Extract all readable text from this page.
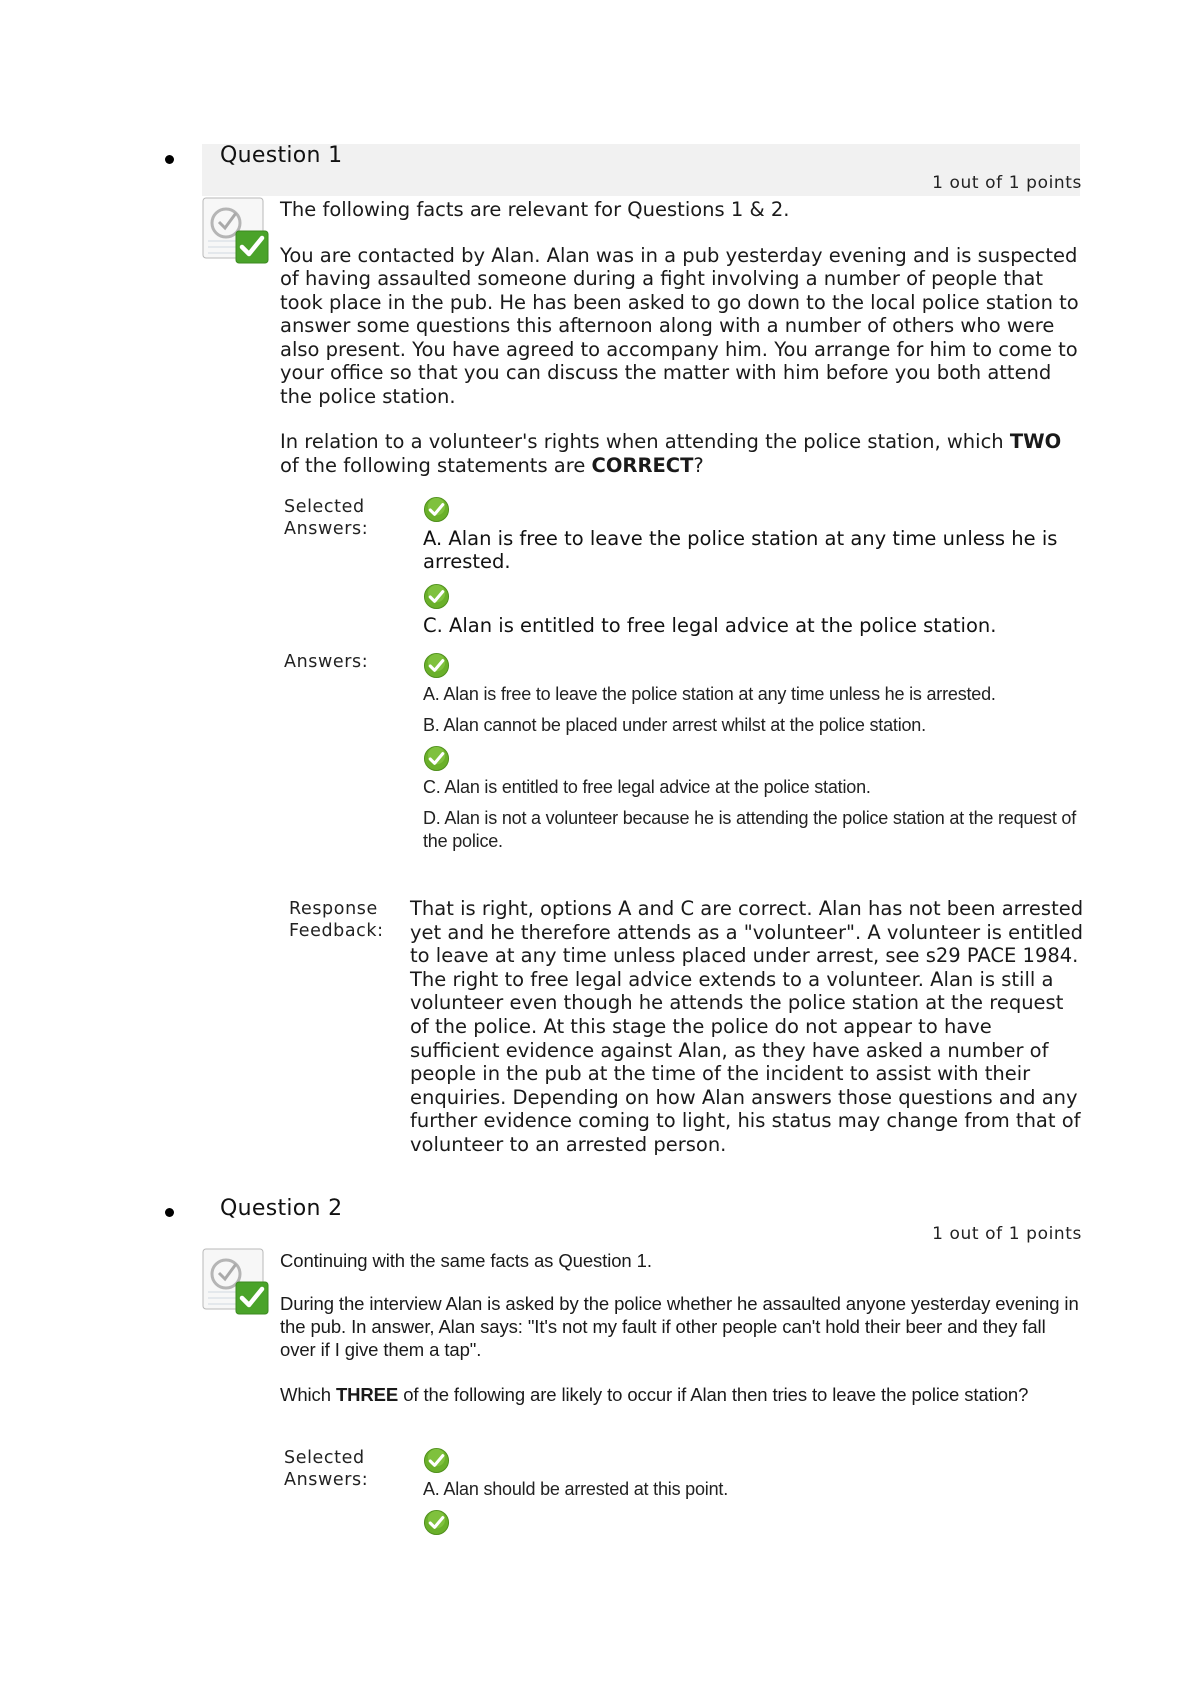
Question 1
1 out of 1 points

The following facts are relevant for Questions 1 & 2.

You are contacted by Alan. Alan was in a pub yesterday evening and is suspected of having assaulted someone during a fight involving a number of people that took place in the pub. He has been asked to go down to the local police station to answer some questions this afternoon along with a number of others who were also present. You have agreed to accompany him. You arrange for him to come to your office so that you can discuss the matter with him before you both attend the police station.

In relation to a volunteer's rights when attending the police station, which TWO of the following statements are CORRECT?

Selected Answers:	A. Alan is free to leave the police station at any time unless he is arrested.

C. Alan is entitled to free legal advice at the police station.

Answers:

A. Alan is free to leave the police station at any time unless he is arrested.

B. Alan cannot be placed under arrest whilst at the police station.

C. Alan is entitled to free legal advice at the police station.

D. Alan is not a volunteer because he is attending the police station at the request of the police.

Response Feedback:

That is right, options A and C are correct. Alan has not been arrested yet and he therefore attends as a "volunteer". A volunteer is entitled to leave at any time unless placed under arrest, see s29 PACE 1984. The right to free legal advice extends to a volunteer. Alan is still a volunteer even though he attends the police station at the request of the police. At this stage the police do not appear to have sufficient evidence against Alan, as they have asked a number of people in the pub at the time of the incident to assist with their enquiries. Depending on how Alan answers those questions and any further evidence coming to light, his status may change from that of volunteer to an arrested person.

Question 2
1 out of 1 points

Continuing with the same facts as Question 1.

During the interview Alan is asked by the police whether he assaulted anyone yesterday evening in the pub. In answer, Alan says: "It's not my fault if other people can't hold their beer and they fall over if I give them a tap".

Which THREE of the following are likely to occur if Alan then tries to leave the police station?

Selected Answers:	A. Alan should be arrested at this point.
